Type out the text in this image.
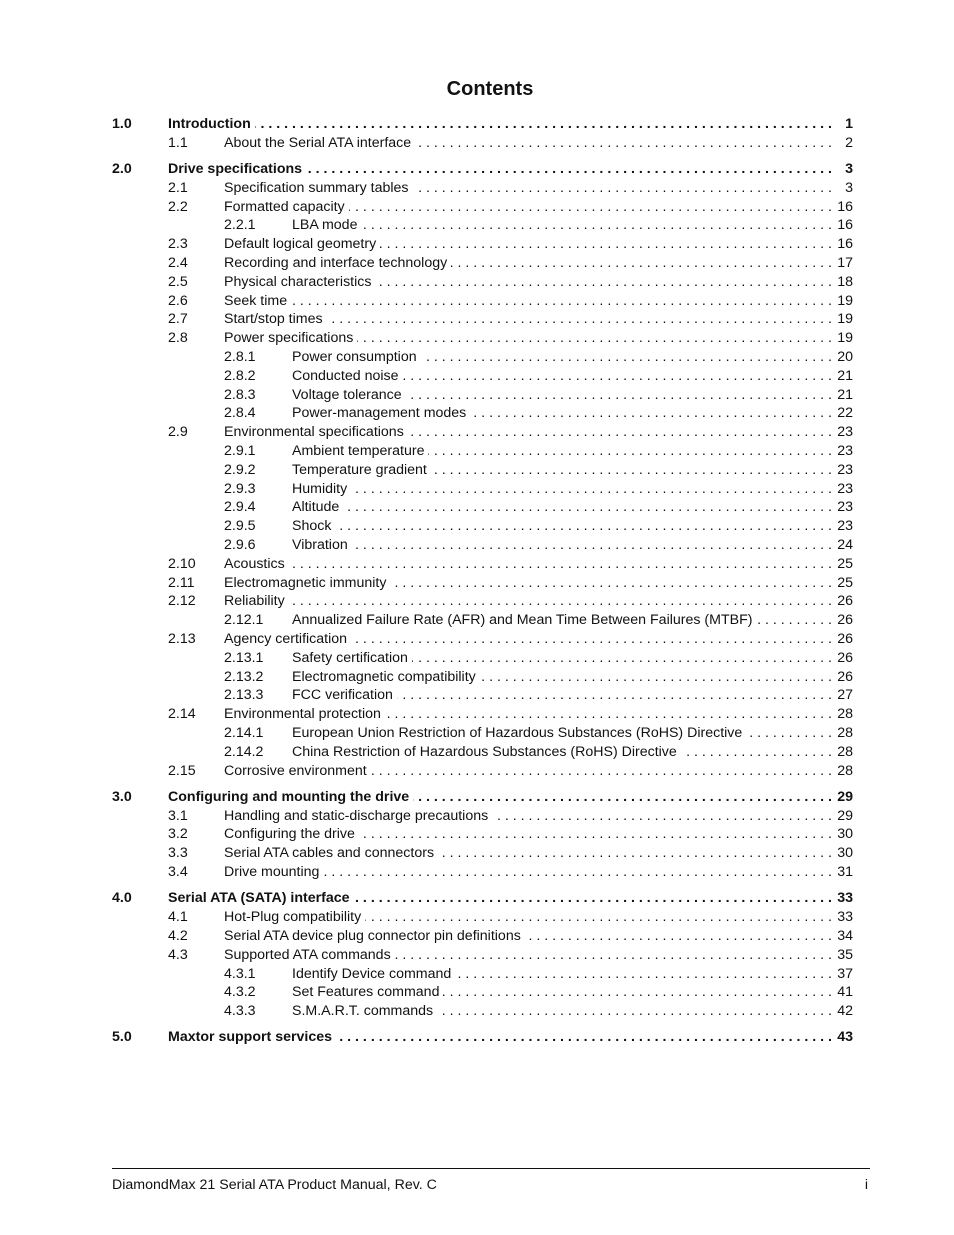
Contents
1.0	Introduction . . .	1
1.1	About the Serial ATA interface . . .	2
2.0	Drive specifications . . .	3
2.1	Specification summary tables . . .	3
2.2	Formatted capacity . . .	16
2.2.1	LBA mode . . .	16
2.3	Default logical geometry . . .	16
2.4	Recording and interface technology . . .	17
2.5	Physical characteristics . . .	18
2.6	Seek time . . .	19
2.7	Start/stop times . . .	19
2.8	Power specifications . . .	19
2.8.1	Power consumption . . .	20
2.8.2	Conducted noise . . .	21
2.8.3	Voltage tolerance . . .	21
2.8.4	Power-management modes . . .	22
2.9	Environmental specifications . . .	23
2.9.1	Ambient temperature . . .	23
2.9.2	Temperature gradient . . .	23
2.9.3	Humidity . . .	23
2.9.4	Altitude . . .	23
2.9.5	Shock . . .	23
2.9.6	Vibration . . .	24
2.10	Acoustics . . .	25
2.11	Electromagnetic immunity . . .	25
2.12	Reliability . . .	26
2.12.1	Annualized Failure Rate (AFR) and Mean Time Between Failures (MTBF) . . .	26
2.13	Agency certification . . .	26
2.13.1	Safety certification . . .	26
2.13.2	Electromagnetic compatibility . . .	26
2.13.3	FCC verification . . .	27
2.14	Environmental protection . . .	28
2.14.1	European Union Restriction of Hazardous Substances (RoHS) Directive . . .	28
2.14.2	China Restriction of Hazardous Substances (RoHS) Directive . . .	28
2.15	Corrosive environment . . .	28
3.0	Configuring and mounting the drive . . .	29
3.1	Handling and static-discharge precautions . . .	29
3.2	Configuring the drive . . .	30
3.3	Serial ATA cables and connectors . . .	30
3.4	Drive mounting . . .	31
4.0	Serial ATA (SATA) interface . . .	33
4.1	Hot-Plug compatibility . . .	33
4.2	Serial ATA device plug connector pin definitions . . .	34
4.3	Supported ATA commands . . .	35
4.3.1	Identify Device command . . .	37
4.3.2	Set Features command . . .	41
4.3.3	S.M.A.R.T. commands . . .	42
5.0	Maxtor support services . . .	43
DiamondMax 21 Serial ATA Product Manual, Rev. C	i
